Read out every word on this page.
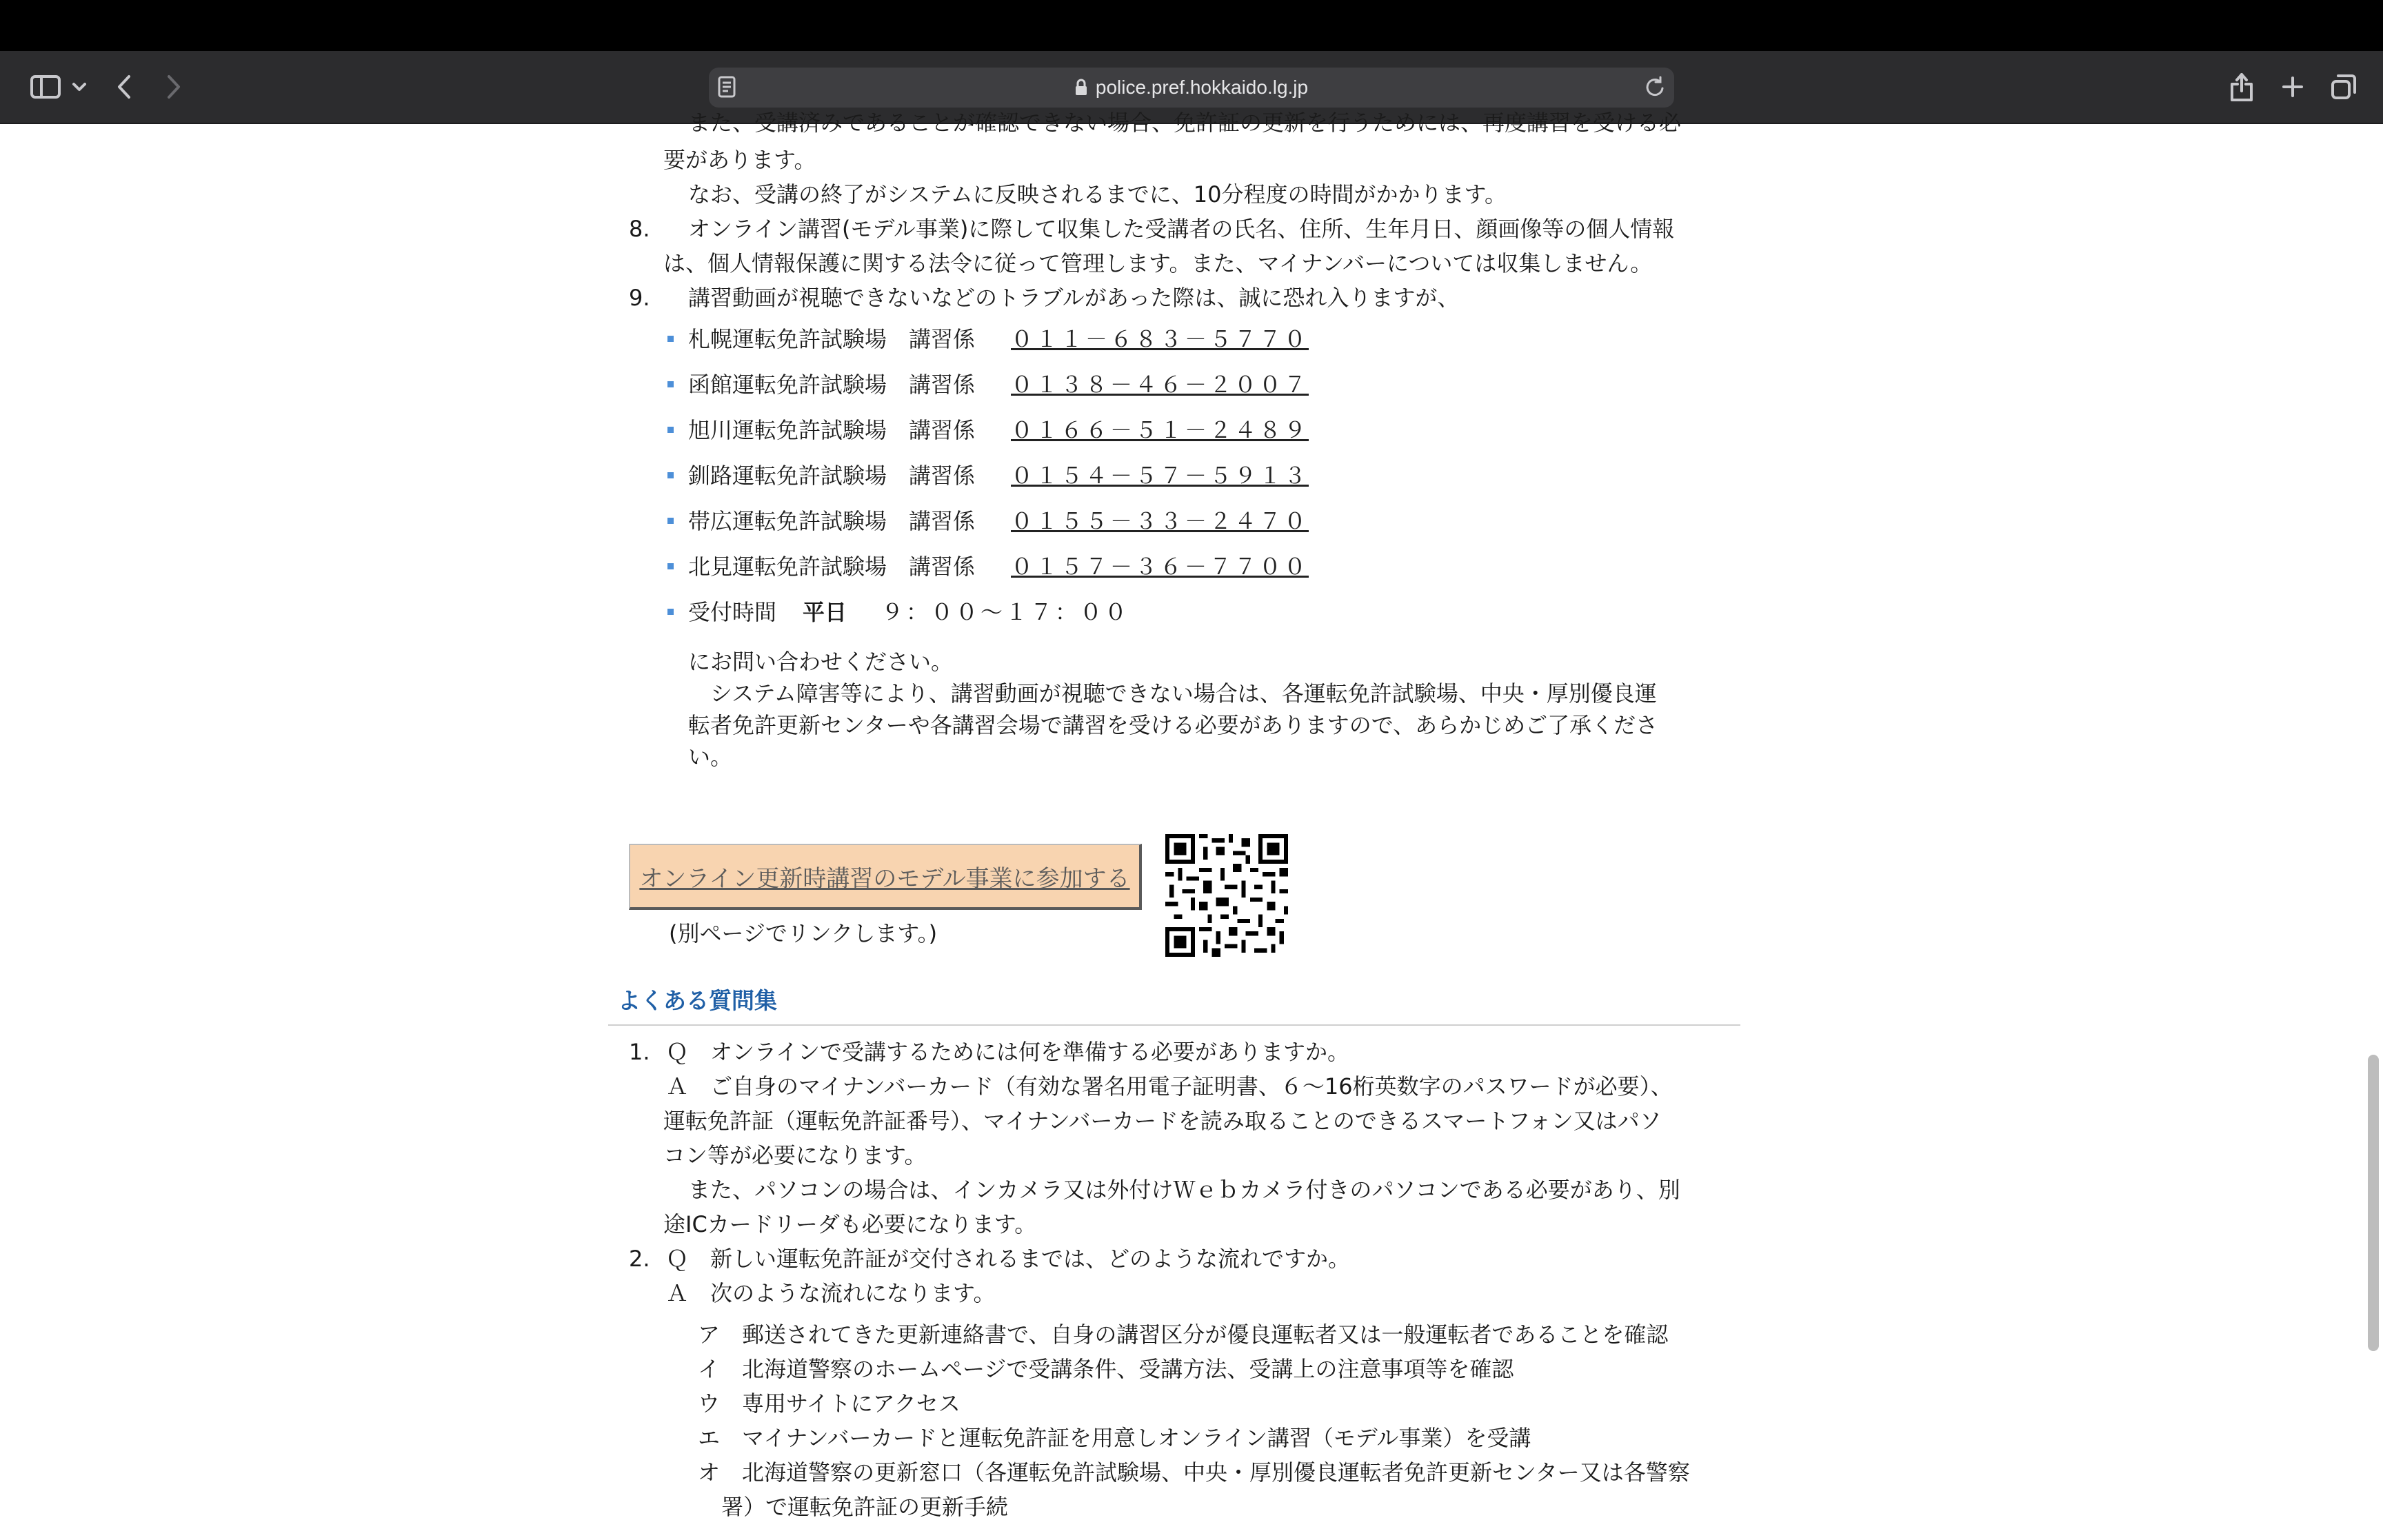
police.pref.hokkaido.lg.jp
また、受講済みであることが確認できない場合、免許証の更新を行うためには、再度講習を受ける必
要があります。
なお、受講の終了がシステムに反映されるまでに、10分程度の時間がかかります。
8. オンライン講習(モデル事業)に際して収集した受講者の氏名、住所、生年月日、顔画像等の個人情報
は、個人情報保護に関する法令に従って管理します。また、マイナンバーについては収集しません。
9. 講習動画が視聴できないなどのトラブルがあった際は、誠に恐れ入りますが、
札幌運転免許試験場　講習係 ０１１－６８３－５７７０
函館運転免許試験場　講習係 ０１３８－４６－２００７
旭川運転免許試験場　講習係 ０１６６－５１－２４８９
釧路運転免許試験場　講習係 ０１５４－５７－５９１３
帯広運転免許試験場　講習係 ０１５５－３３－２４７０
北見運転免許試験場　講習係 ０１５７－３６－７７００
受付時間 平日 ９：００～１７：００
にお問い合わせください。
システム障害等により、講習動画が視聴できない場合は、各運転免許試験場、中央・厚別優良運
転者免許更新センターや各講習会場で講習を受ける必要がありますので、あらかじめご了承くださ
い。
オンライン更新時講習のモデル事業に参加する
(別ページでリンクします。)
よくある質問集
1. Ｑ　オンラインで受講するためには何を準備する必要がありますか。
Ａ　ご自身のマイナンバーカード（有効な署名用電子証明書、６～16桁英数字のパスワードが必要）、
運転免許証（運転免許証番号）、マイナンバーカードを読み取ることのできるスマートフォン又はパソ
コン等が必要になります。
また、パソコンの場合は、インカメラ又は外付けＷｅｂカメラ付きのパソコンである必要があり、別
途ICカードリーダも必要になります。
2. Ｑ　新しい運転免許証が交付されるまでは、どのような流れですか。
Ａ　次のような流れになります。
ア　郵送されてきた更新連絡書で、自身の講習区分が優良運転者又は一般運転者であることを確認
イ　北海道警察のホームページで受講条件、受講方法、受講上の注意事項等を確認
ウ　専用サイトにアクセス
エ　マイナンバーカードと運転免許証を用意しオンライン講習（モデル事業）を受講
オ　北海道警察の更新窓口（各運転免許試験場、中央・厚別優良運転者免許更新センター又は各警察
署）で運転免許証の更新手続
